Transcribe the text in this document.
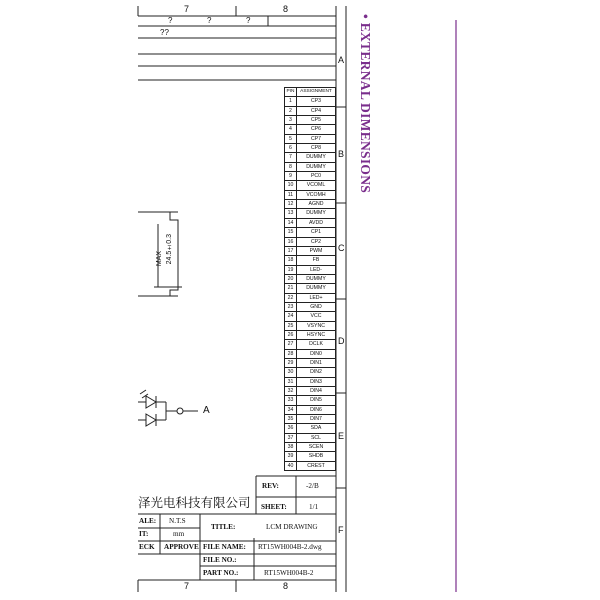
7	8
?	?	?
??
A
B
C
D
E
F
• EXTERNAL DIMENSIONS
MAX 24.5±0.3
A
PIN	ASSIGNMENT
1	CP3
2	CP4
3	CP5
4	CP6
5	CP7
6	CP8
7	DUMMY
8	DUMMY
9	PC0
10	VCOML
11	VCOMH
12	AGND
13	DUMMY
14	AVDD
15	CP1
16	CP2
17	PWM
18	FB
19	LED-
20	DUMMY
21	DUMMY
22	LED+
23	GND
24	VCC
25	VSYNC
26	HSYNC
27	DCLK
28	DIN0
29	DIN1
30	DIN2
31	DIN3
32	DIN4
33	DIN5
34	DIN6
35	DIN7
36	SDA
37	SCL
38	SCEN
39	SHDB
40	CREST
REV:	-2/B
SHEET:	1/1
泽光电科技有限公司
ALE: N.T.S
IT:	mm
ECK APPROVE
TITLE:	LCM DRAWING
FILE NAME: RT15WH004B-2.dwg
FILE NO.:
PART NO.:	RT15WH004B-2
7	8
